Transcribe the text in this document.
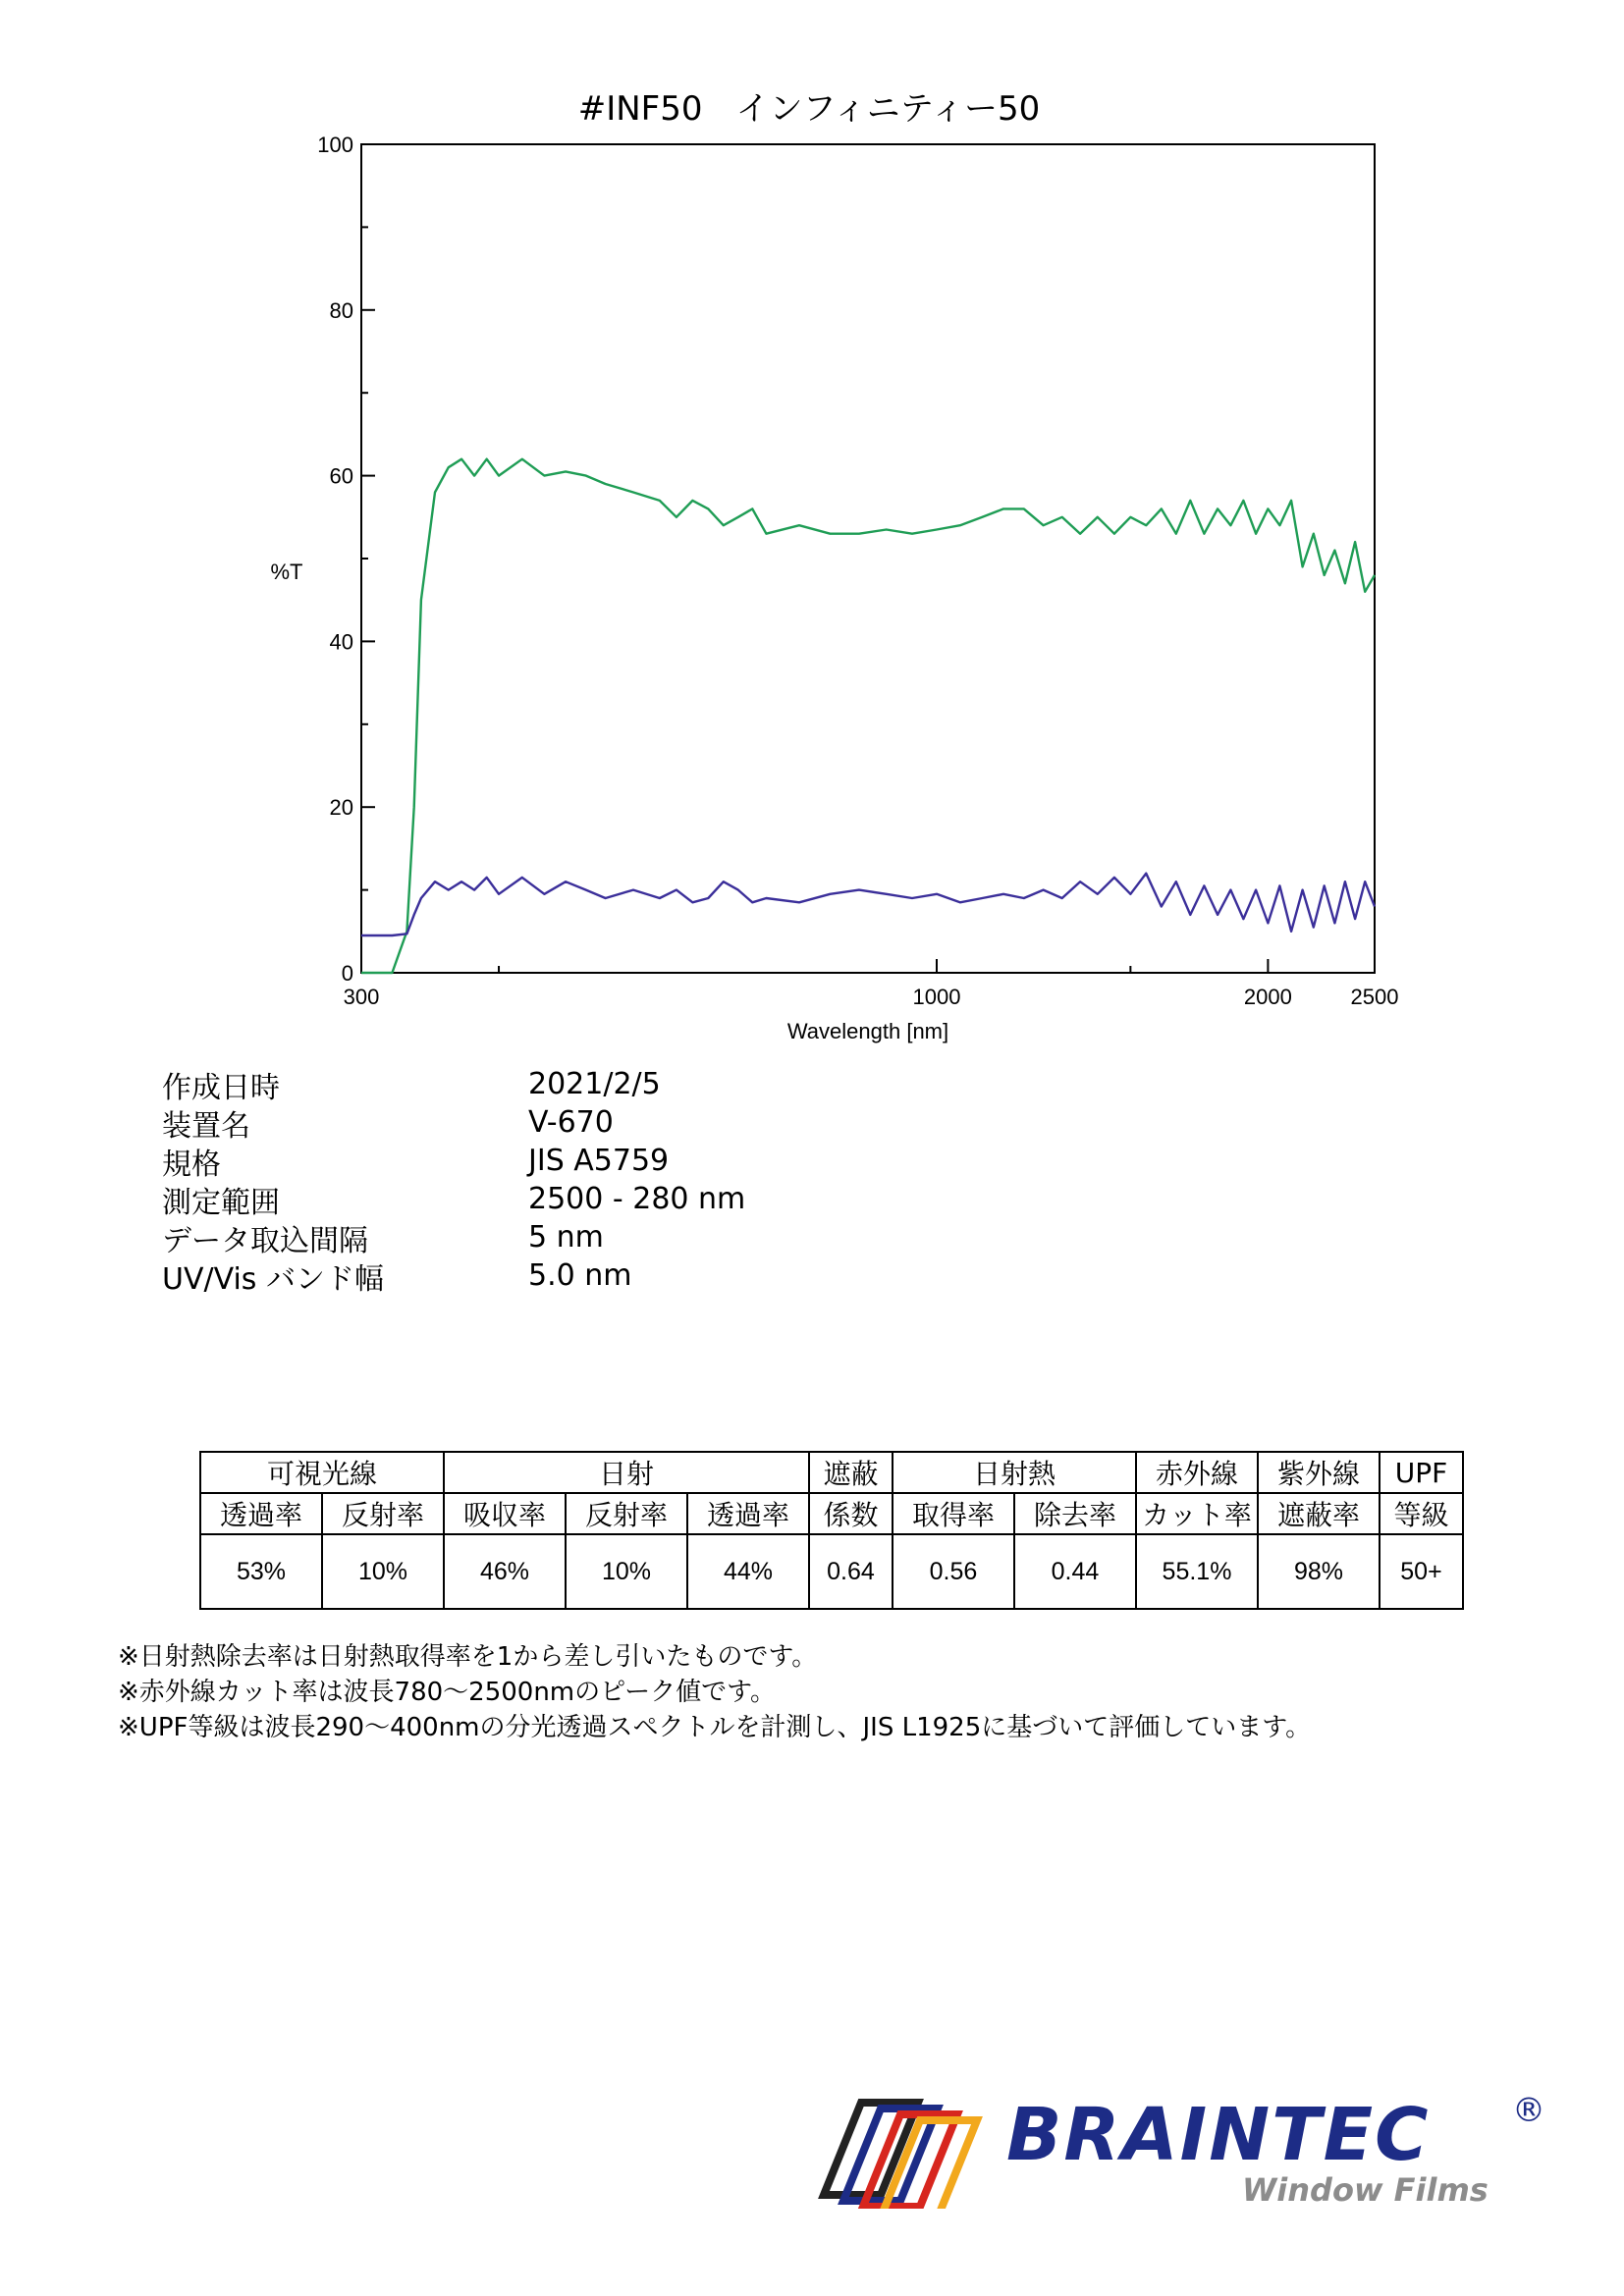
#INF50　インフィニティー50
0
20
40
60
80
100
300	1000	2000	2500
%T
Wavelength [nm]
作成日時	2021/2/5
装置名	V-670
規格	JIS A5759
測定範囲	2500 - 280 nm
データ取込間隔	5 nm
UV/Vis バンド幅	5.0 nm
可視光線		日射			遮蔽	日射熱		赤外線	紫外線	UPF
透過率	反射率	吸収率	反射率	透過率	係数	取得率	除去率	カット率	遮蔽率	等級
53%	10%	46%	10%	44%	0.64	0.56	0.44	55.1%	98%	50+
※日射熱除去率は日射熱取得率を1から差し引いたものです。
※赤外線カット率は波長780〜2500nmのピーク値です。
※UPF等級は波長290〜400nmの分光透過スペクトルを計測し、JIS L1925に基づいて評価しています。
BRAINTEC ®
Window Films
